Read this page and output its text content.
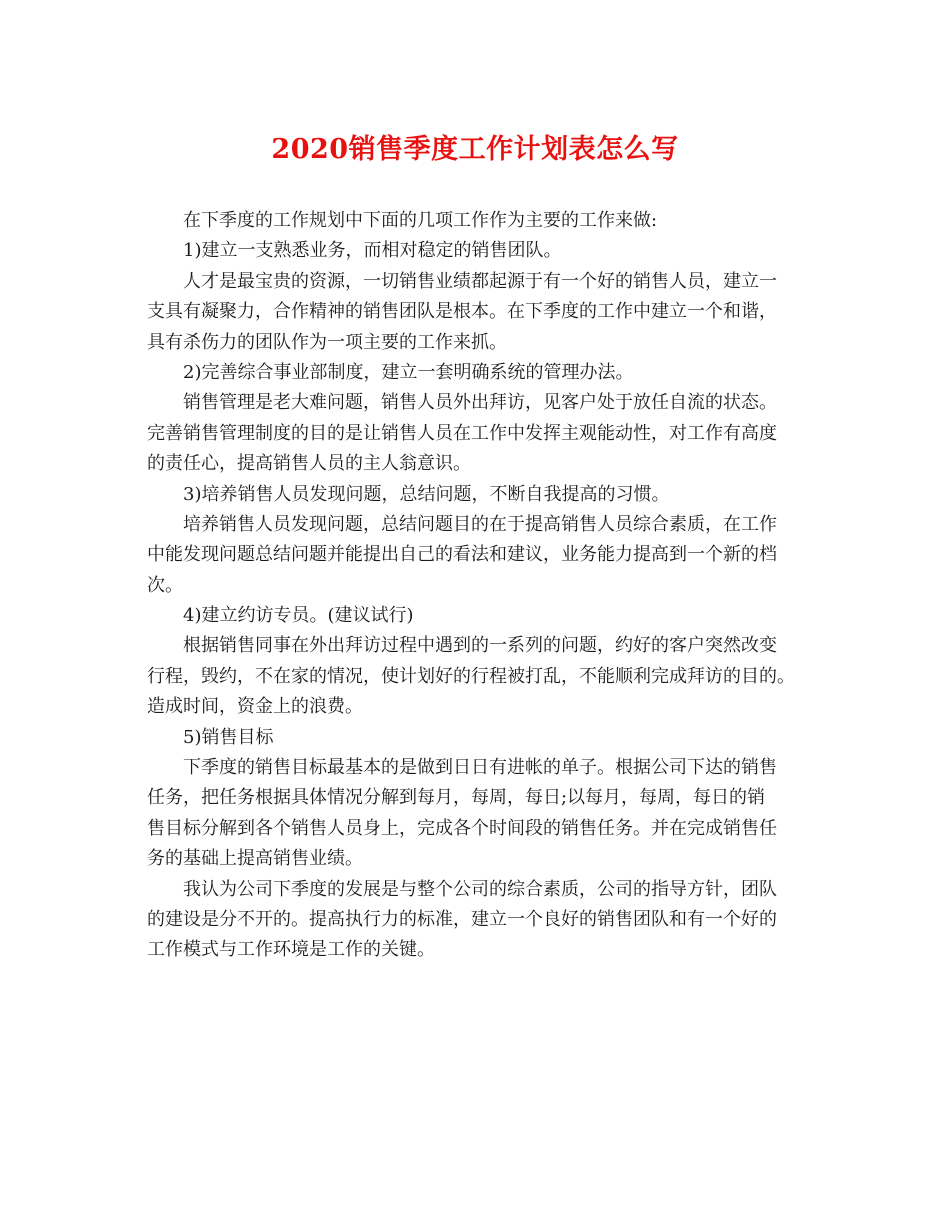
2020销售季度工作计划表怎么写
在下季度的工作规划中下面的几项工作作为主要的工作来做:
1)建立一支熟悉业务，而相对稳定的销售团队。
人才是最宝贵的资源，一切销售业绩都起源于有一个好的销售人员，建立一
支具有凝聚力，合作精神的销售团队是根本。在下季度的工作中建立一个和谐，
具有杀伤力的团队作为一项主要的工作来抓。
2)完善综合事业部制度，建立一套明确系统的管理办法。
销售管理是老大难问题，销售人员外出拜访，见客户处于放任自流的状态。
完善销售管理制度的目的是让销售人员在工作中发挥主观能动性，对工作有高度
的责任心，提高销售人员的主人翁意识。
3)培养销售人员发现问题，总结问题，不断自我提高的习惯。
培养销售人员发现问题，总结问题目的在于提高销售人员综合素质，在工作
中能发现问题总结问题并能提出自己的看法和建议，业务能力提高到一个新的档
次。
4)建立约访专员。(建议试行)
根据销售同事在外出拜访过程中遇到的一系列的问题，约好的客户突然改变
行程，毁约，不在家的情况，使计划好的行程被打乱，不能顺利完成拜访的目的。
造成时间，资金上的浪费。
5)销售目标
下季度的销售目标最基本的是做到日日有进帐的单子。根据公司下达的销售
任务，把任务根据具体情况分解到每月，每周，每日;以每月，每周，每日的销
售目标分解到各个销售人员身上，完成各个时间段的销售任务。并在完成销售任
务的基础上提高销售业绩。
我认为公司下季度的发展是与整个公司的综合素质，公司的指导方针，团队
的建设是分不开的。提高执行力的标准，建立一个良好的销售团队和有一个好的
工作模式与工作环境是工作的关键。
